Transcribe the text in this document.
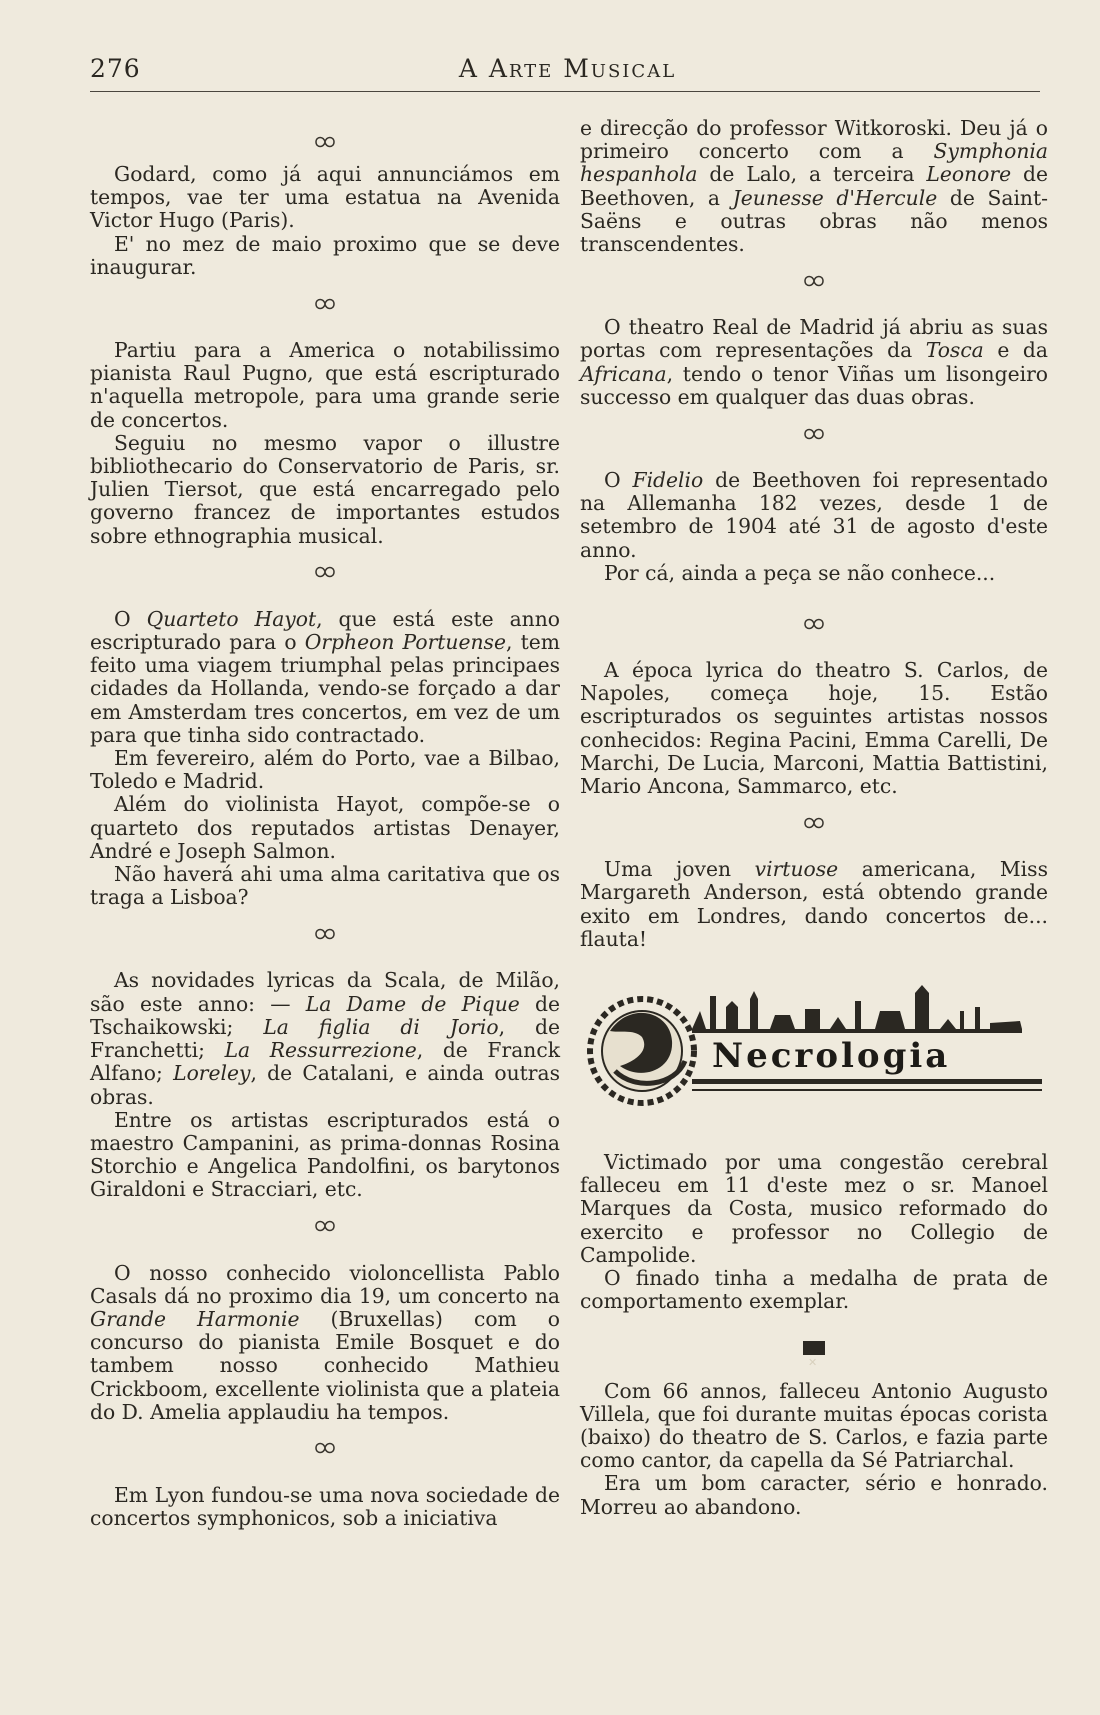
276	A Arte Musical

Godard, como já aqui annunciámos em tempos, vae ter uma estatua na Avenida Victor Hugo (Paris).

E' no mez de maio proximo que se deve inaugurar.

Partiu para a America o notabilissimo pianista Raul Pugno, que está escripturado n'aquella metropole, para uma grande serie de concertos.

Seguiu no mesmo vapor o illustre bibliothecario do Conservatorio de Paris, sr. Julien Tiersot, que está encarregado pelo governo francez de importantes estudos sobre ethnographia musical.

O Quarteto Hayot, que está este anno escripturado para o Orpheon Portuense, tem feito uma viagem triumphal pelas principaes cidades da Hollanda, vendo-se forçado a dar em Amsterdam tres concertos, em vez de um para que tinha sido contractado.

Em fevereiro, além do Porto, vae a Bilbao, Toledo e Madrid.

Além do violinista Hayot, compõe-se o quarteto dos reputados artistas Denayer, André e Joseph Salmon.

Não haverá ahi uma alma caritativa que os traga a Lisboa?

As novidades lyricas da Scala, de Milão, são este anno: — La Dame de Pique de Tschaikowski; La figlia di Jorio, de Franchetti; La Ressurrezione, de Franck Alfano; Loreley, de Catalani, e ainda outras obras.

Entre os artistas escripturados está o maestro Campanini, as prima-donnas Rosina Storchio e Angelica Pandolfini, os barytonos Giraldoni e Stracciari, etc.

O nosso conhecido violoncellista Pablo Casals dá no proximo dia 19, um concerto na Grande Harmonie (Bruxellas) com o concurso do pianista Emile Bosquet e do tambem nosso conhecido Mathieu Crickboom, excellente violinista que a plateia do D. Amelia applaudiu ha tempos.

Em Lyon fundou-se uma nova sociedade de concertos symphonicos, sob a iniciativa

e direcção do professor Witkoroski. Deu já o primeiro concerto com a Symphonia hespanhola de Lalo, a terceira Leonore de Beethoven, a Jeunesse d'Hercule de Saint-Saëns e outras obras não menos transcendentes.

O theatro Real de Madrid já abriu as suas portas com representações da Tosca e da Africana, tendo o tenor Viñas um lisongeiro successo em qualquer das duas obras.

O Fidelio de Beethoven foi representado na Allemanha 182 vezes, desde 1 de setembro de 1904 até 31 de agosto d'este anno.

Por cá, ainda a peça se não conhece...

A época lyrica do theatro S. Carlos, de Napoles, começa hoje, 15. Estão escripturados os seguintes artistas nossos conhecidos: Regina Pacini, Emma Carelli, De Marchi, De Lucia, Marconi, Mattia Battistini, Mario Ancona, Sammarco, etc.

Uma joven virtuose americana, Miss Margareth Anderson, está obtendo grande exito em Londres, dando concertos de... flauta!

Necrologia

Victimado por uma congestão cerebral falleceu em 11 d'este mez o sr. Manoel Marques da Costa, musico reformado do exercito e professor no Collegio de Campolide.

O finado tinha a medalha de prata de comportamento exemplar.

✕

Com 66 annos, falleceu Antonio Augusto Villela, que foi durante muitas épocas corista (baixo) do theatro de S. Carlos, e fazia parte como cantor, da capella da Sé Patriarchal.

Era um bom caracter, sério e honrado. Morreu ao abandono.
